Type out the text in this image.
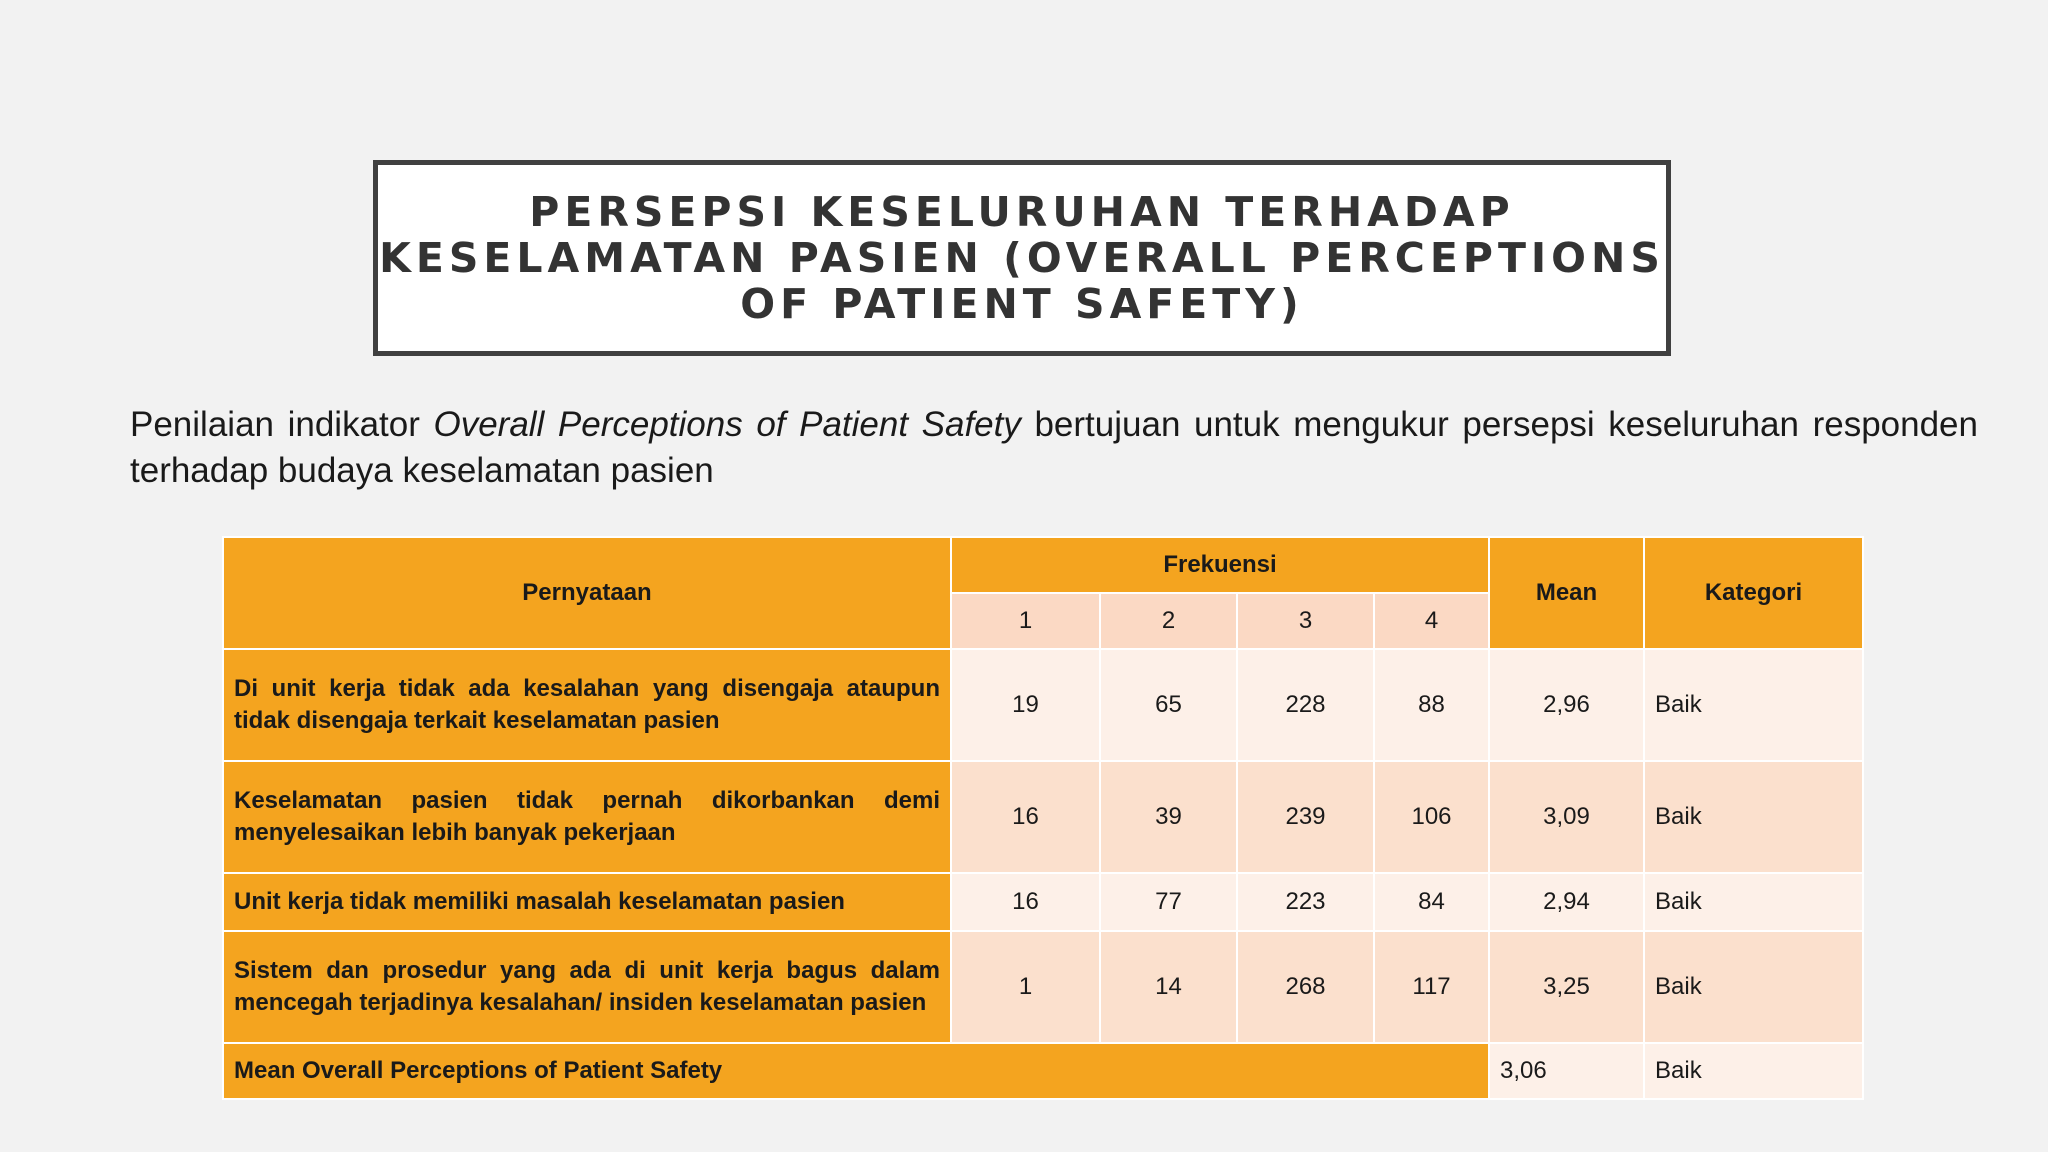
PERSEPSI KESELURUHAN TERHADAP KESELAMATAN PASIEN (OVERALL PERCEPTIONS OF PATIENT SAFETY)

Penilaian indikator Overall Perceptions of Patient Safety bertujuan untuk mengukur persepsi keseluruhan responden terhadap budaya keselamatan pasien

Pernyataan	Frekuensi				Mean	Kategori
	1	2	3	4		
Di unit kerja tidak ada kesalahan yang disengaja ataupun tidak disengaja terkait keselamatan pasien	19	65	228	88	2,96	Baik
Keselamatan pasien tidak pernah dikorbankan demi menyelesaikan lebih banyak pekerjaan	16	39	239	106	3,09	Baik
Unit kerja tidak memiliki masalah keselamatan pasien	16	77	223	84	2,94	Baik
Sistem dan prosedur yang ada di unit kerja bagus dalam mencegah terjadinya kesalahan/ insiden keselamatan pasien	1	14	268	117	3,25	Baik
Mean Overall Perceptions of Patient Safety					3,06	Baik
